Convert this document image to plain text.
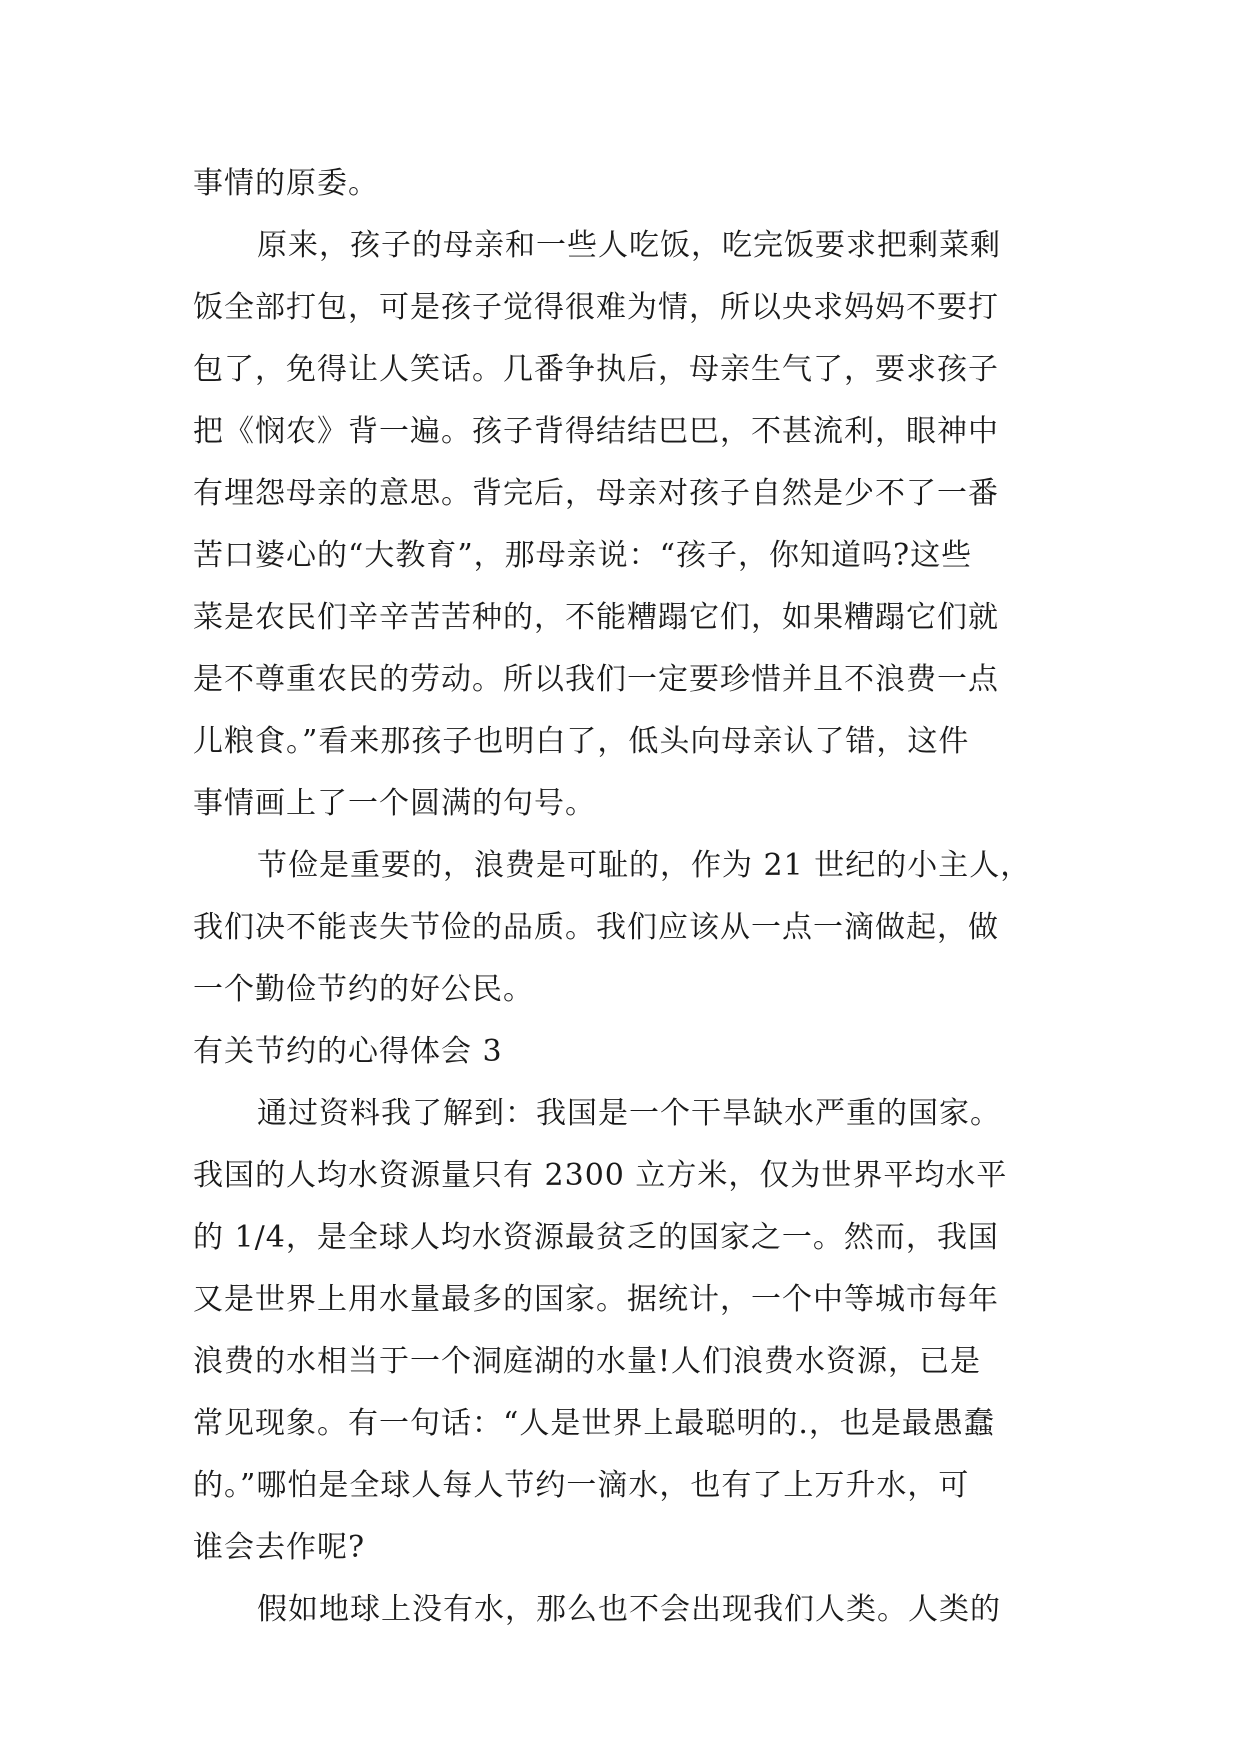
事情的原委。
原来，孩子的母亲和一些人吃饭，吃完饭要求把剩菜剩
饭全部打包，可是孩子觉得很难为情，所以央求妈妈不要打
包了，免得让人笑话。几番争执后，母亲生气了，要求孩子
把《悯农》背一遍。孩子背得结结巴巴，不甚流利，眼神中
有埋怨母亲的意思。背完后，母亲对孩子自然是少不了一番
苦口婆心的“大教育”，那母亲说：“孩子，你知道吗?这些
菜是农民们辛辛苦苦种的，不能糟蹋它们，如果糟蹋它们就
是不尊重农民的劳动。所以我们一定要珍惜并且不浪费一点
儿粮食。”看来那孩子也明白了，低头向母亲认了错，这件
事情画上了一个圆满的句号。
节俭是重要的，浪费是可耻的，作为 21 世纪的小主人，
我们决不能丧失节俭的品质。我们应该从一点一滴做起，做
一个勤俭节约的好公民。
有关节约的心得体会 3
通过资料我了解到：我国是一个干旱缺水严重的国家。
我国的人均水资源量只有 2300 立方米，仅为世界平均水平
的 1/4，是全球人均水资源最贫乏的国家之一。然而，我国
又是世界上用水量最多的国家。据统计，一个中等城市每年
浪费的水相当于一个洞庭湖的水量!人们浪费水资源，已是
常见现象。有一句话：“人是世界上最聪明的.，也是最愚蠢
的。”哪怕是全球人每人节约一滴水，也有了上万升水，可
谁会去作呢?
假如地球上没有水，那么也不会出现我们人类。人类的
